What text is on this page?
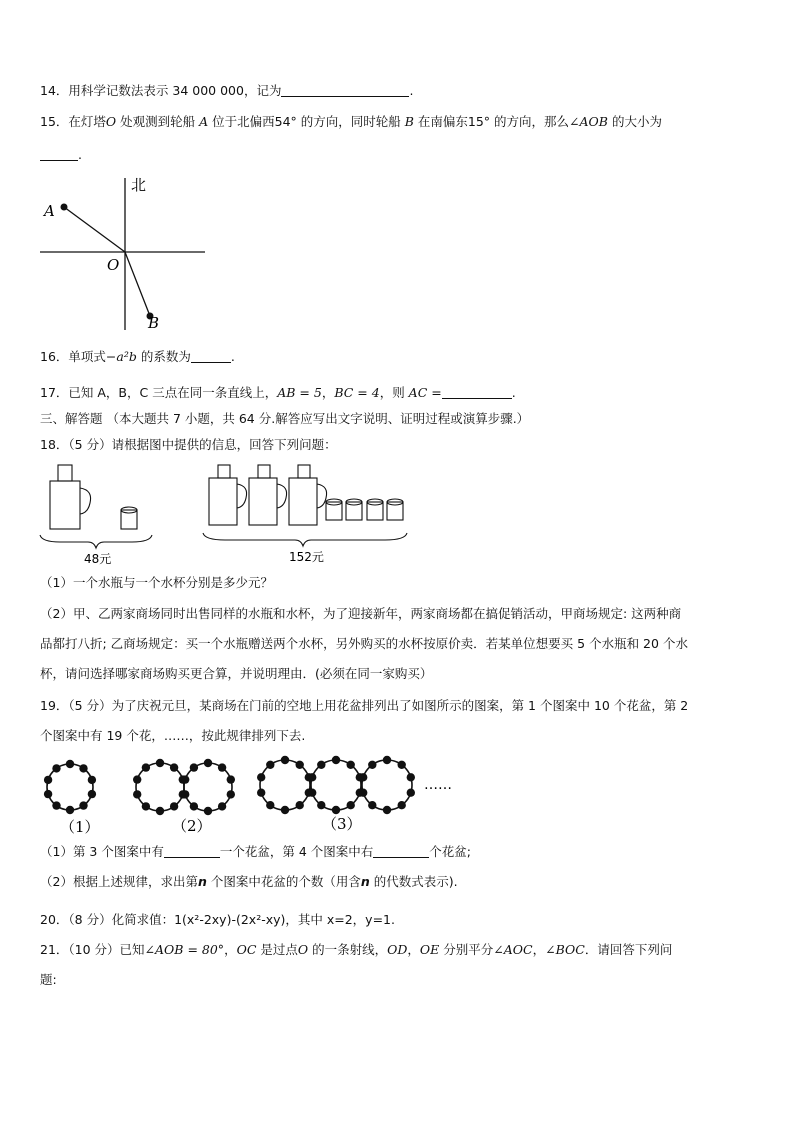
14．用科学记数法表示 34 000 000，记为	.
15．在灯塔O 处观测到轮船 A 位于北偏西54° 的方向，同时轮船 B 在南偏东15° 的方向，那么∠AOB 的大小为
.
北
A
O
B
16．单项式−a²b 的系数为	.
17．已知 A，B，C 三点在同一条直线上，AB = 5，BC = 4，则 AC =	.
三、解答题 （本大题共 7 小题，共 64 分.解答应写出文字说明、证明过程或演算步骤.）
18．（5 分）请根据图中提供的信息，回答下列问题：
48元	152元
（1）一个水瓶与一个水杯分别是多少元？
（2）甲、乙两家商场同时出售同样的水瓶和水杯，为了迎接新年，两家商场都在搞促销活动，甲商场规定: 这两种商
品都打八折; 乙商场规定：买一个水瓶赠送两个水杯，另外购买的水杯按原价卖．若某单位想要买 5 个水瓶和 20 个水
杯，请问选择哪家商场购买更合算，并说明理由．(必须在同一家购买）
19．（5 分）为了庆祝元旦，某商场在门前的空地上用花盆排列出了如图所示的图案，第 1 个图案中 10 个花盆，第 2
个图案中有 19 个花，……，按此规律排列下去.
（1）	（2）	（3）
……
（1）第 3 个图案中有	一个花盆，第 4 个图案中右	个花盆;
（2）根据上述规律，求出第n 个图案中花盆的个数（用含n 的代数式表示).
20．（8 分）化简求值：1(x²-2xy)-(2x²-xy)，其中 x=2，y=1.
21．（10 分）已知∠AOB = 80°，OC 是过点O 的一条射线，OD，OE 分别平分∠AOC，∠BOC．请回答下列问
题:
